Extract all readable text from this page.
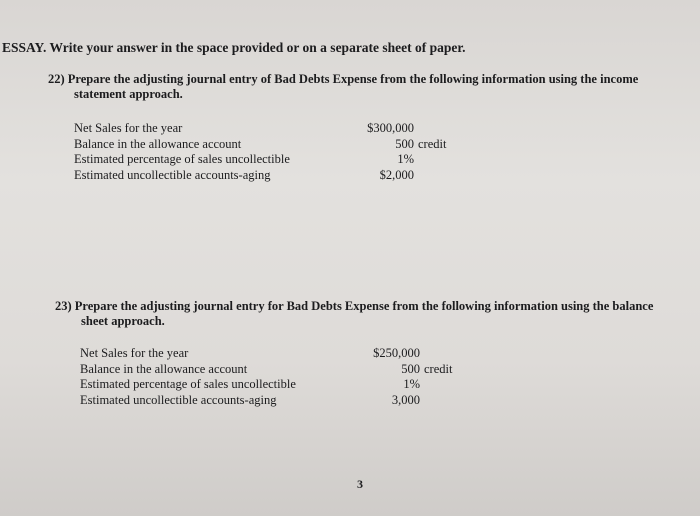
ESSAY. Write your answer in the space provided or on a separate sheet of paper.
22) Prepare the adjusting journal entry of Bad Debts Expense from the following information using the income
statement approach.
Net Sales for the year	$300,000
Balance in the allowance account	500 credit
Estimated percentage of sales uncollectible	1%
Estimated uncollectible accounts-aging	$2,000
23) Prepare the adjusting journal entry for Bad Debts Expense from the following information using the balance
sheet approach.
Net Sales for the year	$250,000
Balance in the allowance account	500 credit
Estimated percentage of sales uncollectible	1%
Estimated uncollectible accounts-aging	3,000
3
